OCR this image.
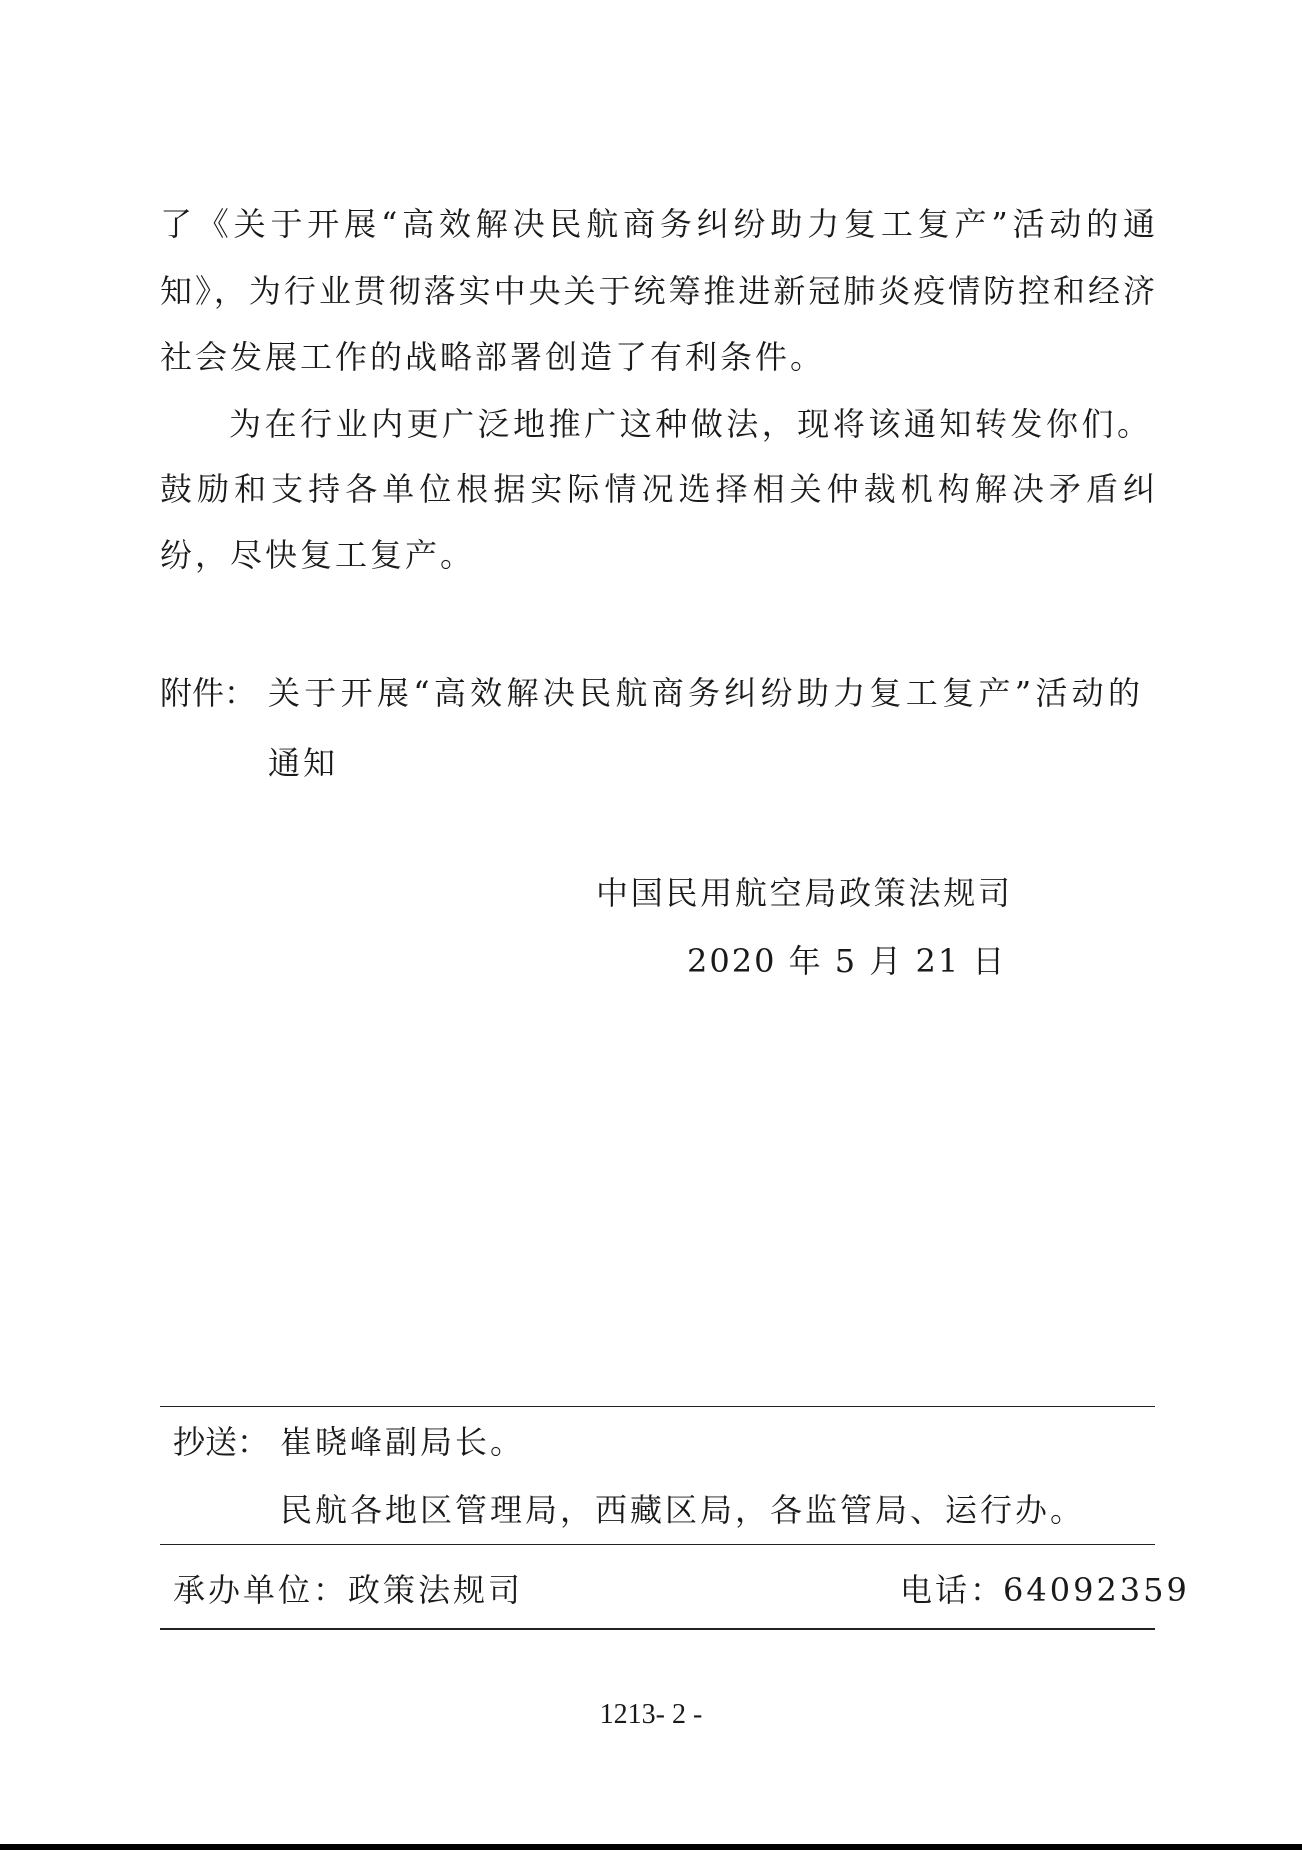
了《关于开展“高效解决民航商务纠纷助力复工复产”活动的通
知》，为行业贯彻落实中央关于统筹推进新冠肺炎疫情防控和经济
社会发展工作的战略部署创造了有利条件。
为在行业内更广泛地推广这种做法，现将该通知转发你们。
鼓励和支持各单位根据实际情况选择相关仲裁机构解决矛盾纠
纷，尽快复工复产。
附件： 关于开展“高效解决民航商务纠纷助力复工复产”活动的
通知
中国民用航空局政策法规司
2020 年 5 月 21 日
抄送： 崔晓峰副局长。
民航各地区管理局，西藏区局，各监管局、运行办。
承办单位： 政策法规司	电话：
64092359
1213- 2 -
